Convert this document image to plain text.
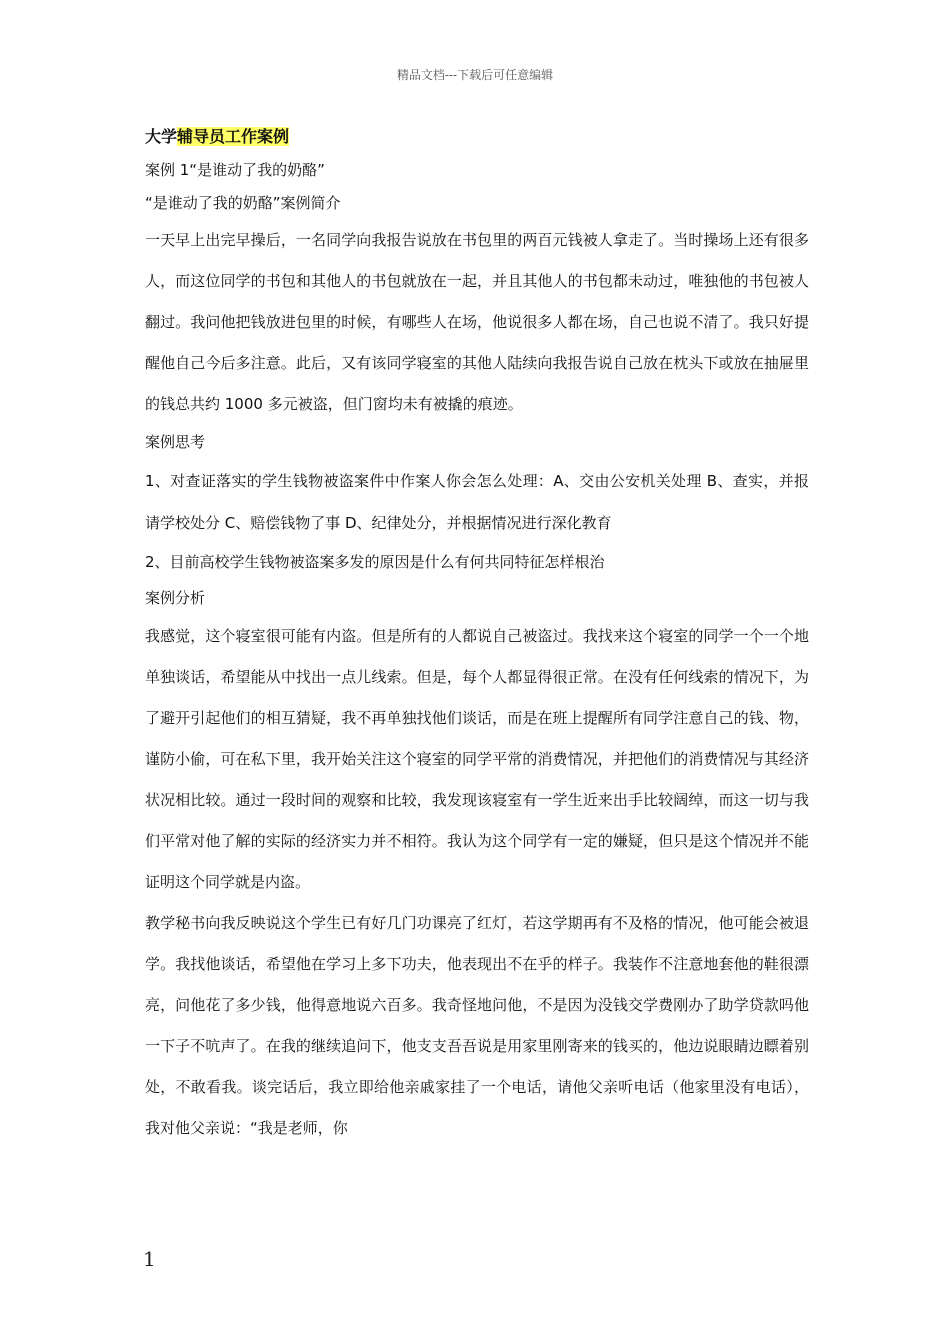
精品文档---下载后可任意编辑
大学辅导员工作案例
案例 1“是谁动了我的奶酪”
“是谁动了我的奶酪”案例简介
一天早上出完早操后，一名同学向我报告说放在书包里的两百元钱被人拿走了。当时操场上还有很多人，而这位同学的书包和其他人的书包就放在一起，并且其他人的书包都未动过，唯独他的书包被人翻过。我问他把钱放进包里的时候，有哪些人在场，他说很多人都在场，自己也说不清了。我只好提醒他自己今后多注意。此后，又有该同学寝室的其他人陆续向我报告说自己放在枕头下或放在抽屉里的钱总共约 1000 多元被盗，但门窗均未有被撬的痕迹。
案例思考
1、对查证落实的学生钱物被盗案件中作案人你会怎么处理：A、交由公安机关处理 B、查实，并报请学校处分 C、赔偿钱物了事 D、纪律处分，并根据情况进行深化教育
2、目前高校学生钱物被盗案多发的原因是什么有何共同特征怎样根治
案例分析
我感觉，这个寝室很可能有内盗。但是所有的人都说自己被盗过。我找来这个寝室的同学一个一个地单独谈话，希望能从中找出一点儿线索。但是，每个人都显得很正常。在没有任何线索的情况下，为了避开引起他们的相互猜疑，我不再单独找他们谈话，而是在班上提醒所有同学注意自己的钱、物，谨防小偷，可在私下里，我开始关注这个寝室的同学平常的消费情况，并把他们的消费情况与其经济状况相比较。通过一段时间的观察和比较，我发现该寝室有一学生近来出手比较阔绰，而这一切与我们平常对他了解的实际的经济实力并不相符。我认为这个同学有一定的嫌疑，但只是这个情况并不能证明这个同学就是内盗。
教学秘书向我反映说这个学生已有好几门功课亮了红灯，若这学期再有不及格的情况，他可能会被退学。我找他谈话，希望他在学习上多下功夫，他表现出不在乎的样子。我装作不注意地套他的鞋很漂亮，问他花了多少钱，他得意地说六百多。我奇怪地问他，不是因为没钱交学费刚办了助学贷款吗他一下子不吭声了。在我的继续追问下，他支支吾吾说是用家里刚寄来的钱买的，他边说眼睛边瞟着别处，不敢看我。谈完话后，我立即给他亲戚家挂了一个电话，请他父亲听电话（他家里没有电话），我对他父亲说：“我是老师，你
1
